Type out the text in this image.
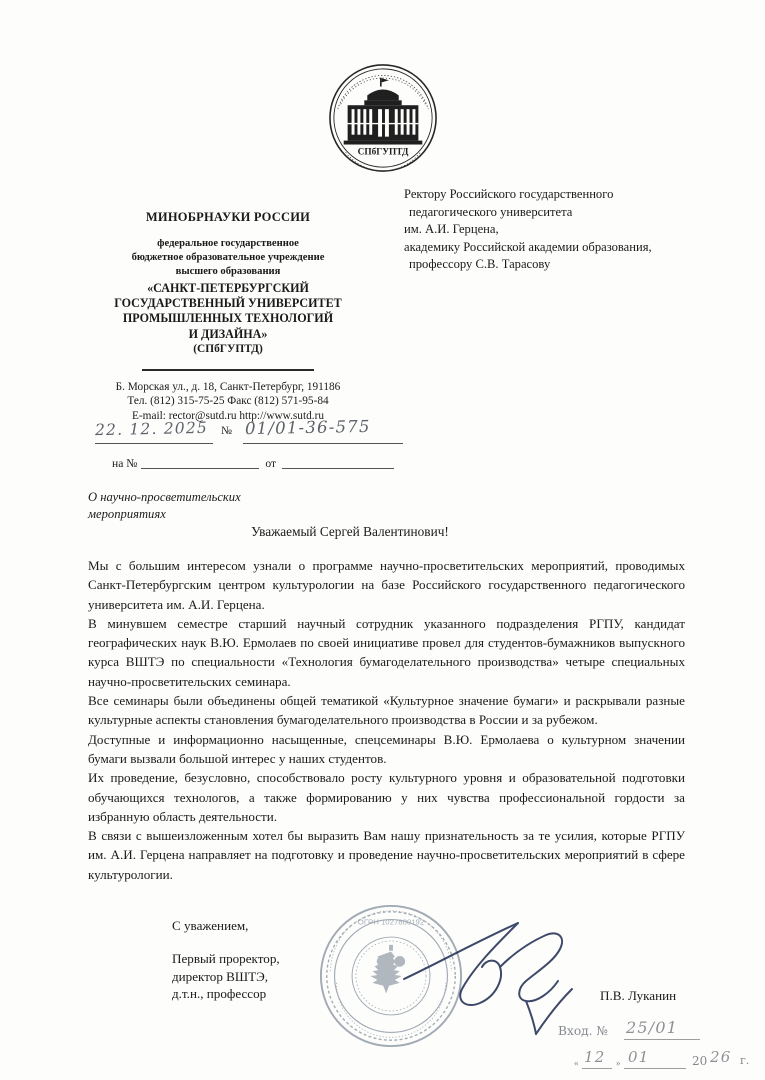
СПбГУПТД
МИНОБРНАУКИ РОССИИ
федеральное государственное
бюджетное образовательное учреждение
высшего образования
«САНКТ-ПЕТЕРБУРГСКИЙ
ГОСУДАРСТВЕННЫЙ УНИВЕРСИТЕТ
ПРОМЫШЛЕННЫХ ТЕХНОЛОГИЙ
И ДИЗАЙНА»
(СПбГУПТД)
Б. Морская ул., д. 18, Санкт-Петербург, 191186
Тел. (812) 315-75-25 Факс (812) 571-95-84
E-mail: rector@sutd.ru http://www.sutd.ru
Ректору Российского государственного
педагогического университета
им. А.И. Герцена,
академику Российской академии образования,
профессору С.В. Тарасову
22. 12. 2025 № 01/01-36-575
на №	от
О научно-просветительских
мероприятиях
Уважаемый Сергей Валентинович!

Мы с большим интересом узнали о программе научно-просветительских мероприятий, проводимых Санкт-Петербургским центром культурологии на базе Российского государственного педагогического университета им. А.И. Герцена.

В минувшем семестре старший научный сотрудник указанного подразделения РГПУ, кандидат географических наук В.Ю. Ермолаев по своей инициативе провел для студентов-бумажников выпускного курса ВШТЭ по специальности «Технология бумагоделательного производства» четыре специальных научно-просветительских семинара.

Все семинары были объединены общей тематикой «Культурное значение бумаги» и раскрывали разные культурные аспекты становления бумагоделательного производства в России и за рубежом.

Доступные и информационно насыщенные, спецсеминары В.Ю. Ермолаева о культурном значении бумаги вызвали большой интерес у наших студентов.

Их проведение, безусловно, способствовало росту культурного уровня и образовательной подготовки обучающихся технологов, а также формированию у них чувства профессиональной гордости за избранную область деятельности.

В связи с вышеизложенным хотел бы выразить Вам нашу признательность за те усилия, которые РГПУ им. А.И. Герцена направляет на подготовку и проведение научно-просветительских мероприятий в сфере культурологии.

С уважением,
Первый проректор,
директор ВШТЭ,
д.т.н., профессор	П.В. Луканин
ОГРН 1027800192
Вход. № 25/01
« 12 » 01	20 26 г.
